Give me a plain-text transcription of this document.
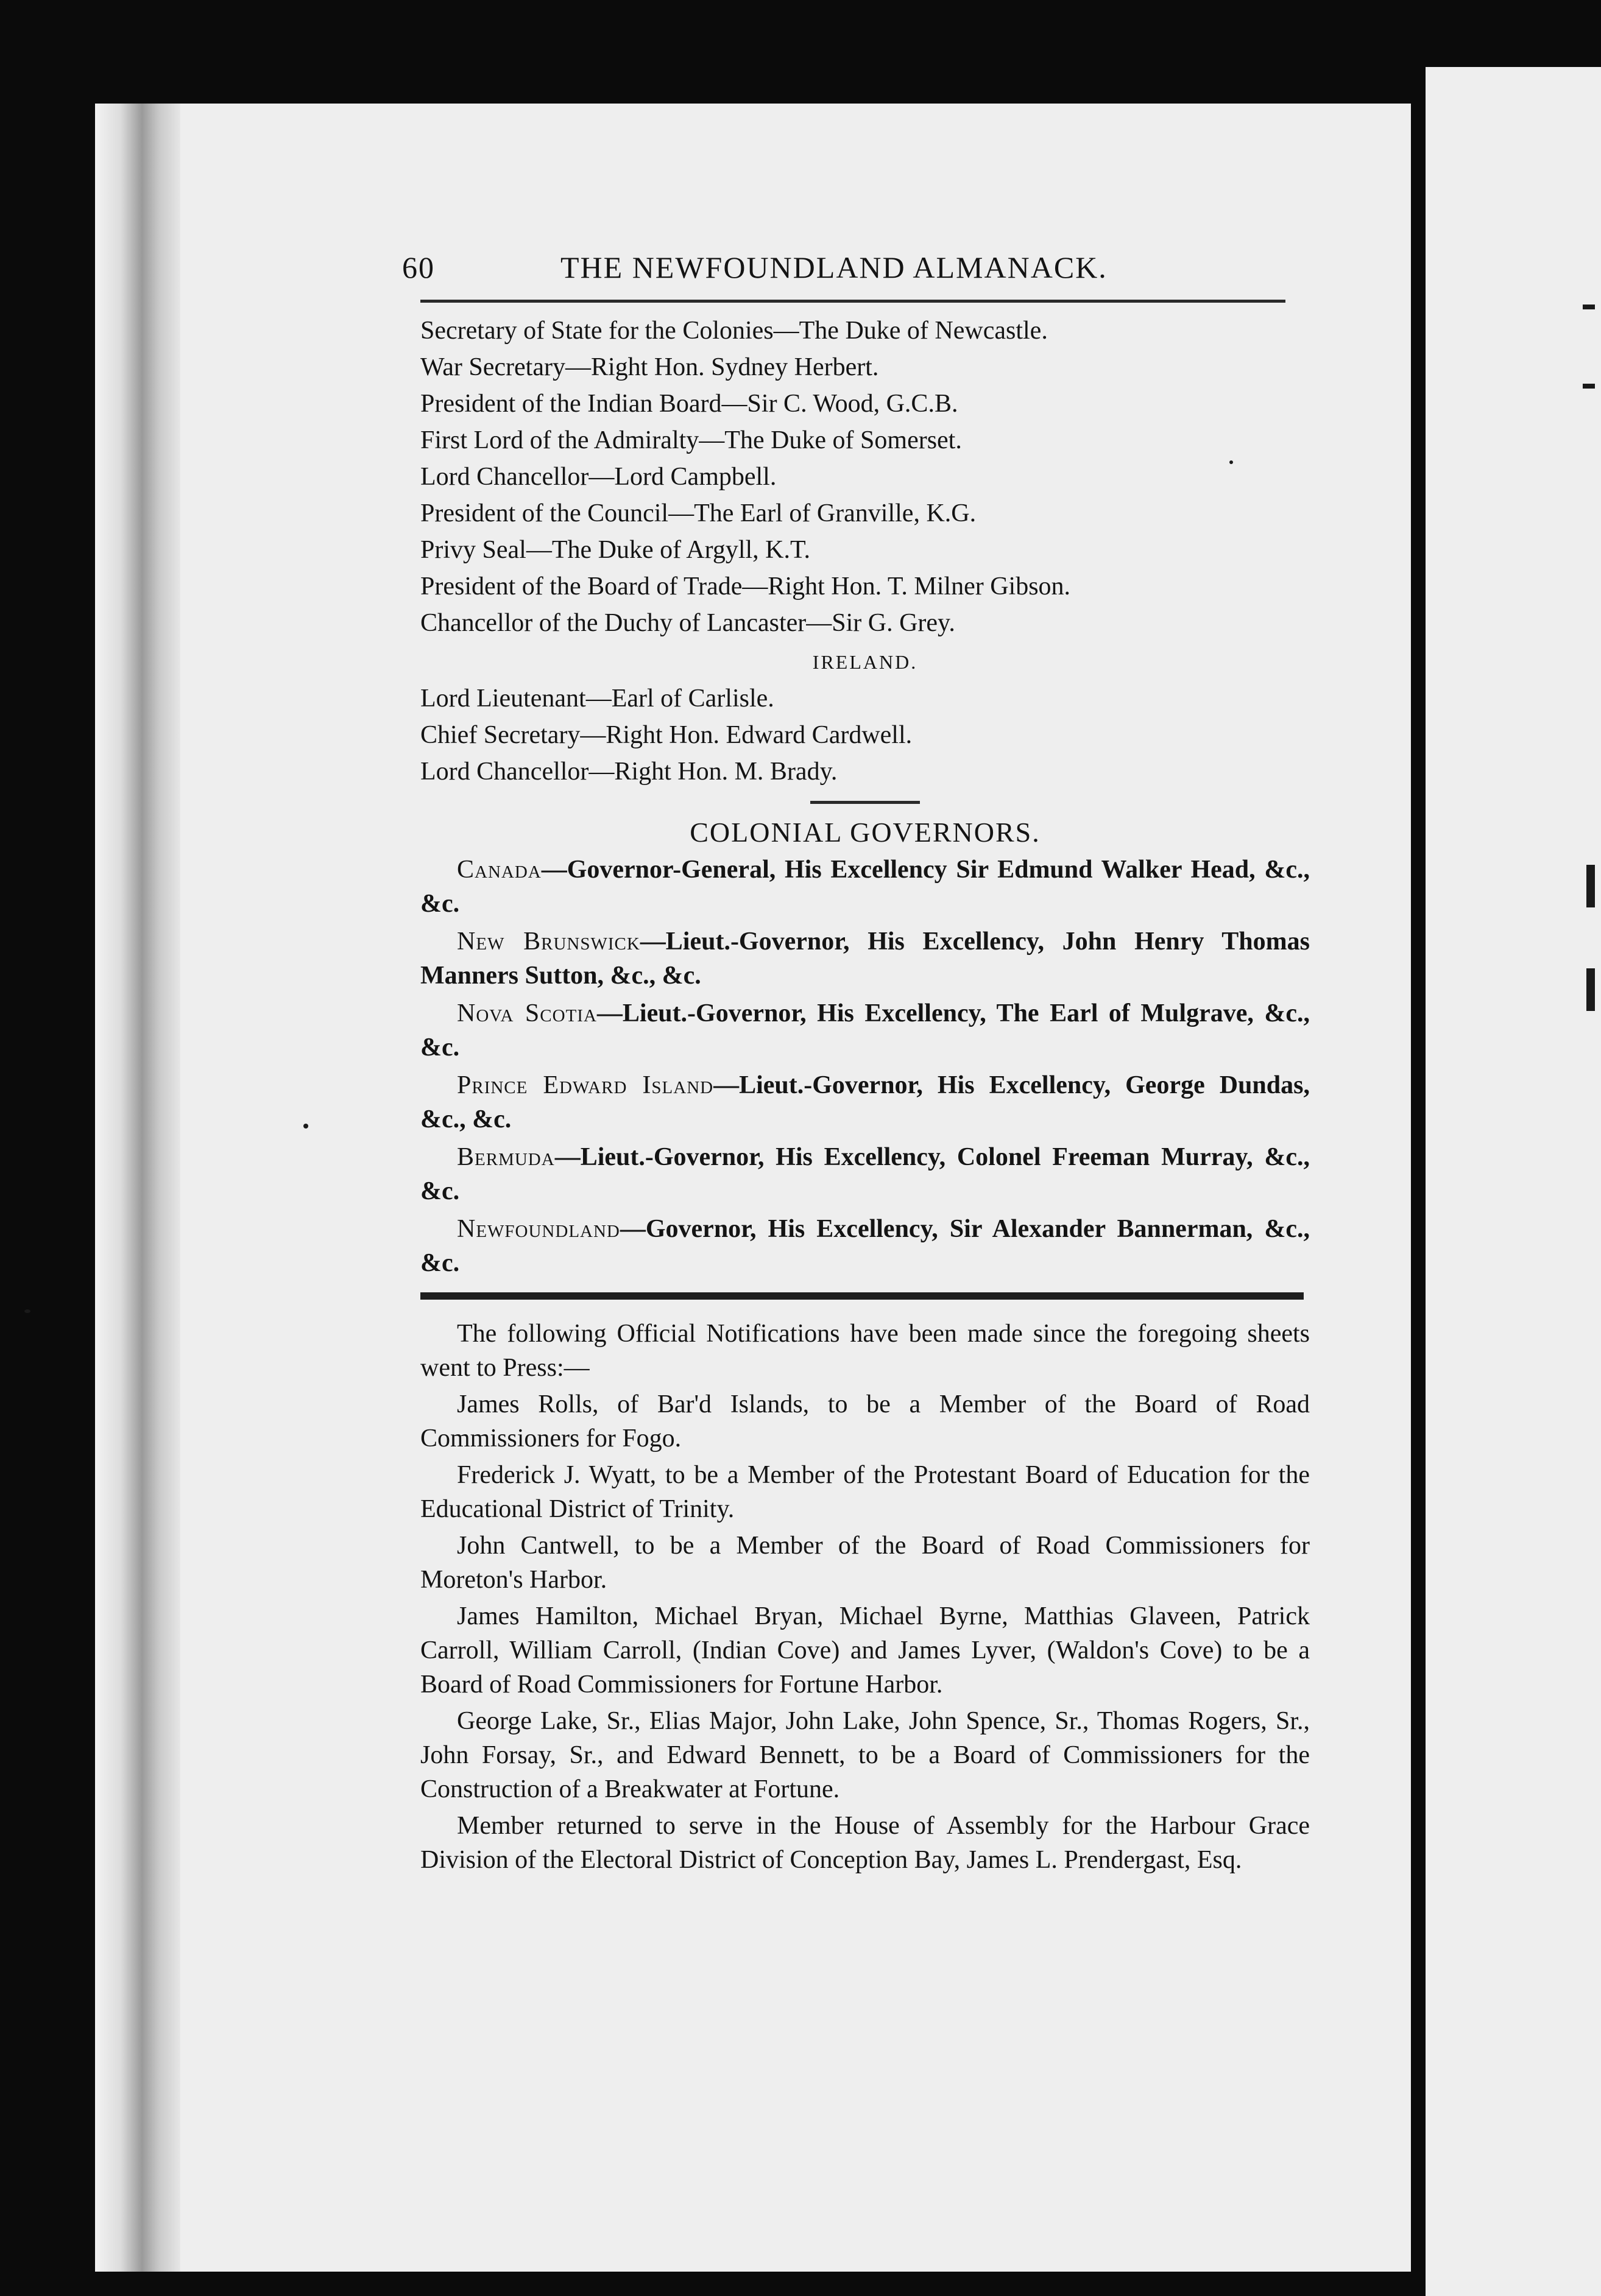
60	THE NEWFOUNDLAND ALMANACK.
Secretary of State for the Colonies—The Duke of Newcastle.
War Secretary—Right Hon. Sydney Herbert.
President of the Indian Board—Sir C. Wood, G.C.B.
First Lord of the Admiralty—The Duke of Somerset.
Lord Chancellor—Lord Campbell.
President of the Council—The Earl of Granville, K.G.
Privy Seal—The Duke of Argyll, K.T.
President of the Board of Trade—Right Hon. T. Milner Gibson.
Chancellor of the Duchy of Lancaster—Sir G. Grey.
IRELAND.
Lord Lieutenant—Earl of Carlisle.
Chief Secretary—Right Hon. Edward Cardwell.
Lord Chancellor—Right Hon. M. Brady.
COLONIAL GOVERNORS.

Canada—Governor-General, His Excellency Sir Edmund Walker Head, &c., &c.

New Brunswick—Lieut.-Governor, His Excellency, John Henry Thomas Manners Sutton, &c., &c.

Nova Scotia—Lieut.-Governor, His Excellency, The Earl of Mulgrave, &c., &c.

Prince Edward Island—Lieut.-Governor, His Excellency, George Dundas, &c., &c.

Bermuda—Lieut.-Governor, His Excellency, Colonel Freeman Murray, &c., &c.

Newfoundland—Governor, His Excellency, Sir Alexander Bannerman, &c., &c.

The following Official Notifications have been made since the foregoing sheets went to Press:—

James Rolls, of Bar'd Islands, to be a Member of the Board of Road Commissioners for Fogo.

Frederick J. Wyatt, to be a Member of the Protestant Board of Education for the Educational District of Trinity.

John Cantwell, to be a Member of the Board of Road Commissioners for Moreton's Harbor.

James Hamilton, Michael Bryan, Michael Byrne, Matthias Glaveen, Patrick Carroll, William Carroll, (Indian Cove) and James Lyver, (Waldon's Cove) to be a Board of Road Commissioners for Fortune Harbor.

George Lake, Sr., Elias Major, John Lake, John Spence, Sr., Thomas Rogers, Sr., John Forsay, Sr., and Edward Bennett, to be a Board of Commissioners for the Construction of a Breakwater at Fortune.

Member returned to serve in the House of Assembly for the Harbour Grace Division of the Electoral District of Conception Bay, James L. Prendergast, Esq.
